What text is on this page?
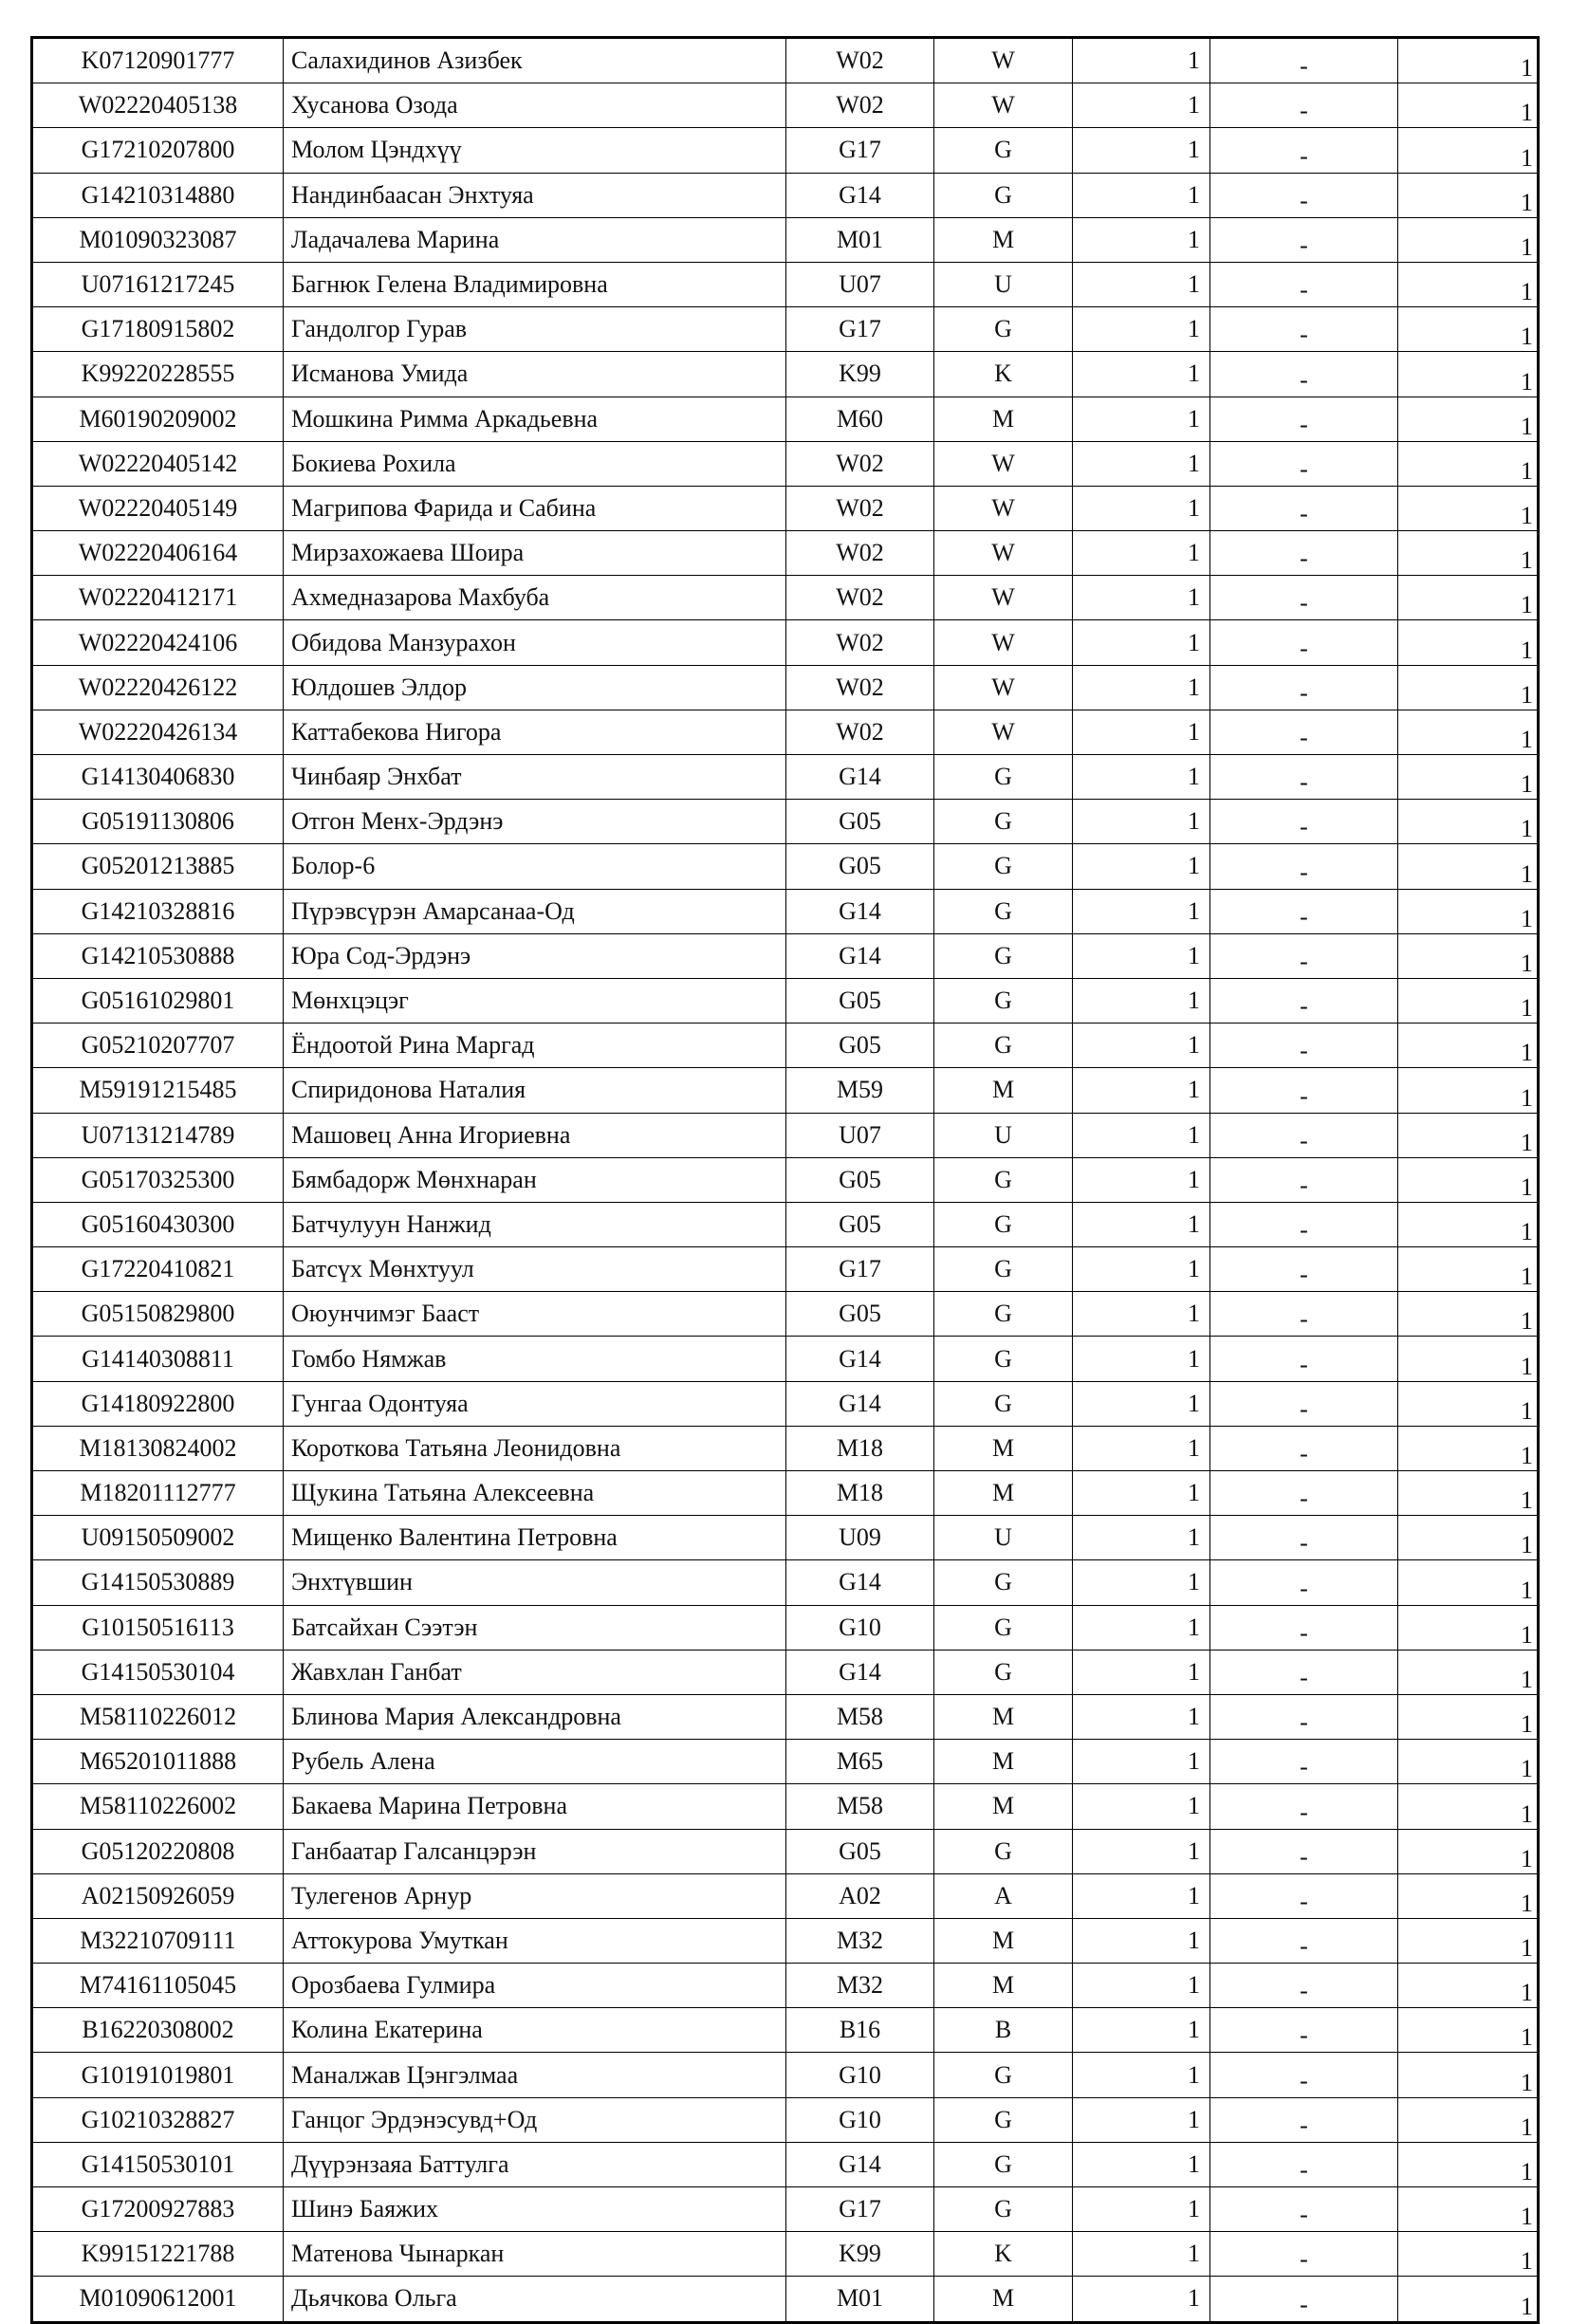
K07120901777	Салахидинов Азизбек	W02	W	1	-	1
W02220405138	Хусанова Озода	W02	W	1	-	1
G17210207800	Молом Цэндхүү	G17	G	1	-	1
G14210314880	Нандинбаасан Энхтуяа	G14	G	1	-	1
M01090323087	Ладачалева Марина	M01	M	1	-	1
U07161217245	Багнюк Гелена Владимировна	U07	U	1	-	1
G17180915802	Гандолгор Гурав	G17	G	1	-	1
K99220228555	Исманова Умида	K99	K	1	-	1
M60190209002	Мошкина Римма Аркадьевна	M60	M	1	-	1
W02220405142	Бокиева Рохила	W02	W	1	-	1
W02220405149	Магрипова Фарида и Сабина	W02	W	1	-	1
W02220406164	Мирзахожаева Шоира	W02	W	1	-	1
W02220412171	Ахмедназарова Махбуба	W02	W	1	-	1
W02220424106	Обидова Манзурахон	W02	W	1	-	1
W02220426122	Юлдошев Элдор	W02	W	1	-	1
W02220426134	Каттабекова Нигора	W02	W	1	-	1
G14130406830	Чинбаяр Энхбат	G14	G	1	-	1
G05191130806	Отгон Менх-Эрдэнэ	G05	G	1	-	1
G05201213885	Болор-6	G05	G	1	-	1
G14210328816	Пүрэвсүрэн Амарсанаа-Од	G14	G	1	-	1
G14210530888	Юра Сод-Эрдэнэ	G14	G	1	-	1
G05161029801	Мөнхцэцэг	G05	G	1	-	1
G05210207707	Ёндоотой Рина Маргад	G05	G	1	-	1
M59191215485	Спиридонова Наталия	M59	M	1	-	1
U07131214789	Машовец Анна Игориевна	U07	U	1	-	1
G05170325300	Бямбадорж Мөнхнаран	G05	G	1	-	1
G05160430300	Батчулуун Нанжид	G05	G	1	-	1
G17220410821	Батсүх Мөнхтуул	G17	G	1	-	1
G05150829800	Оюунчимэг Бааст	G05	G	1	-	1
G14140308811	Гомбо Нямжав	G14	G	1	-	1
G14180922800	Гунгаа Одонтуяа	G14	G	1	-	1
M18130824002	Короткова Татьяна Леонидовна	M18	M	1	-	1
M18201112777	Щукина Татьяна Алексеевна	M18	M	1	-	1
U09150509002	Мищенко Валентина Петровна	U09	U	1	-	1
G14150530889	Энхтүвшин	G14	G	1	-	1
G10150516113	Батсайхан Сээтэн	G10	G	1	-	1
G14150530104	Жавхлан Ганбат	G14	G	1	-	1
M58110226012	Блинова Мария Александровна	M58	M	1	-	1
M65201011888	Рубель Алена	M65	M	1	-	1
M58110226002	Бакаева Марина Петровна	M58	M	1	-	1
G05120220808	Ганбаатар Галсанцэрэн	G05	G	1	-	1
A02150926059	Тулегенов Арнур	A02	A	1	-	1
M32210709111	Аттокурова Умуткан	M32	M	1	-	1
M74161105045	Орозбаева Гулмира	M32	M	1	-	1
B16220308002	Колина Екатерина	B16	B	1	-	1
G10191019801	Маналжав Цэнгэлмаа	G10	G	1	-	1
G10210328827	Ганцог Эрдэнэсувд+Од	G10	G	1	-	1
G14150530101	Дүүрэнзаяа Баттулга	G14	G	1	-	1
G17200927883	Шинэ Баяжих	G17	G	1	-	1
K99151221788	Матенова Чынаркан	K99	K	1	-	1
M01090612001	Дьячкова Ольга	M01	M	1	-	1
